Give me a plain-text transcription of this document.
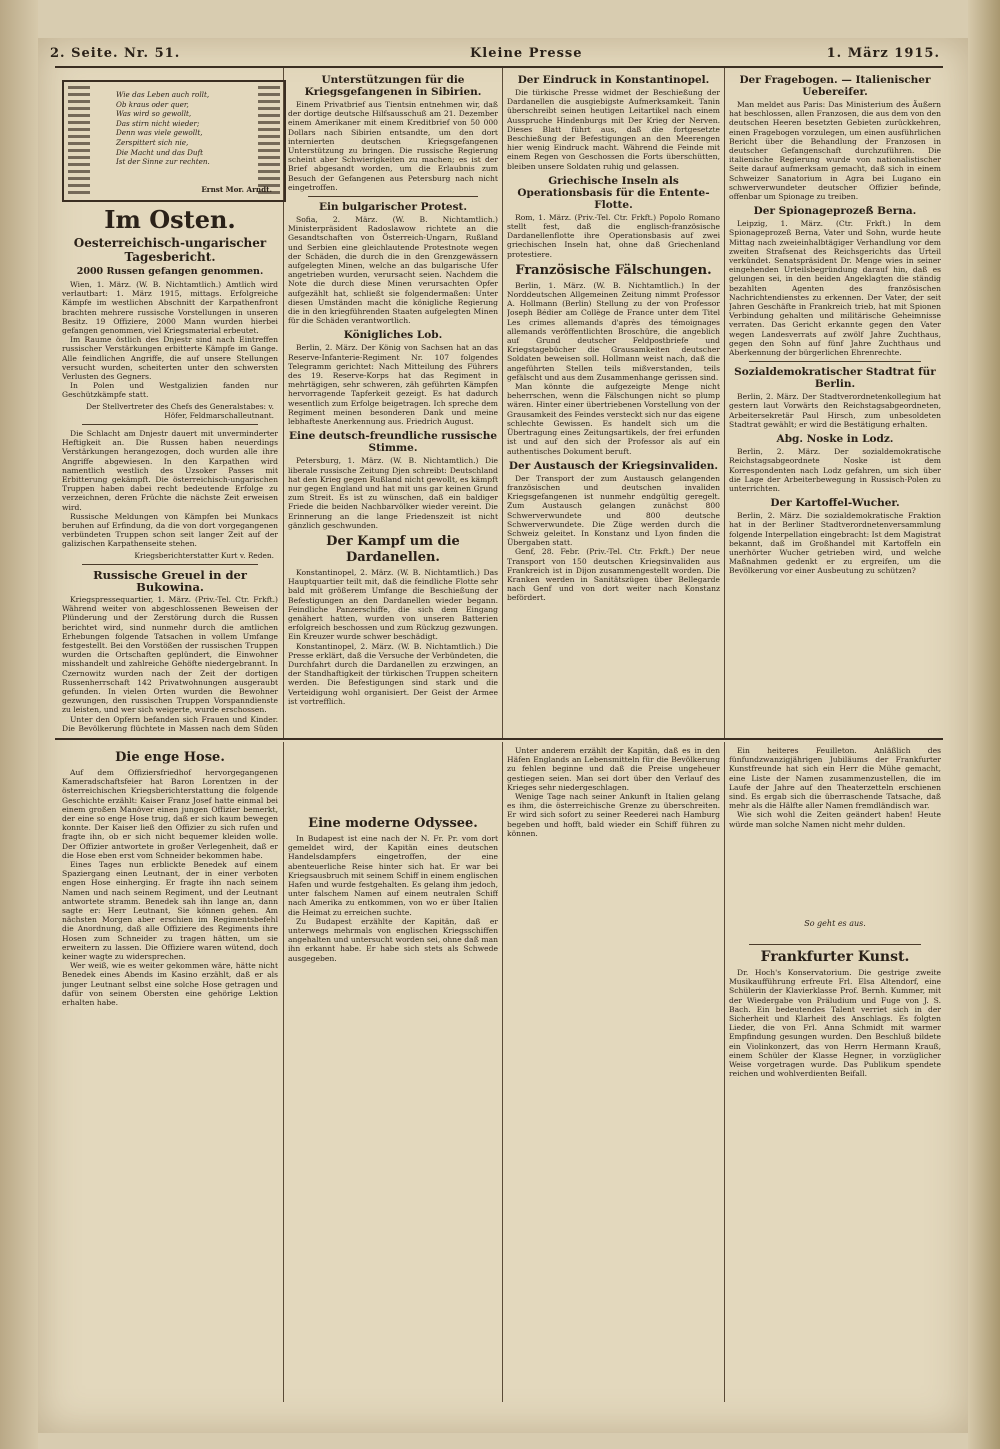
2. Seite. Nr. 51.	Kleine Presse	1. März 1915.
Wie das Leben auch rollt,
Ob kraus oder quer,
Was wird so gewollt,
Das stirn nicht wieder;
Denn was viele gewollt,
Zerspittert sich nie,
Die Macht und das Duft
Ist der Sinne zur rechten.
Ernst Mor. Arndt.
Im Osten.
Oesterreichisch-ungarischer Tagesbericht.
2000 Russen gefangen genommen.

Wien, 1. März. (W. B. Nichtamtlich.) Amtlich wird verlautbart: 1. März 1915, mittags. Erfolgreiche Kämpfe im westlichen Abschnitt der Karpathenfront brachten mehrere russische Vorstellungen in unseren Besitz. 19 Offiziere, 2000 Mann wurden hierbei gefangen genommen, viel Kriegsmaterial erbeutet.

Im Raume östlich des Dnjestr sind nach Eintreffen russischer Verstärkungen erbitterte Kämpfe im Gange. Alle feindlichen Angriffe, die auf unsere Stellungen versucht wurden, scheiterten unter den schwersten Verlusten des Gegners.

In Polen und Westgalizien fanden nur Geschützkämpfe statt.

Der Stellvertreter des Chefs des Generalstabes: v. Höfer, Feldmarschalleutnant.

Die Schlacht am Dnjestr dauert mit unverminderter Heftigkeit an. Die Russen haben neuerdings Verstärkungen herangezogen, doch wurden alle ihre Angriffe abgewiesen. In den Karpathen wird namentlich westlich des Uzsoker Passes mit Erbitterung gekämpft. Die österreichisch-ungarischen Truppen haben dabei recht bedeutende Erfolge zu verzeichnen, deren Früchte die nächste Zeit erweisen wird.

Russische Meldungen von Kämpfen bei Munkacs beruhen auf Erfindung, da die von dort vorgegangenen verbündeten Truppen schon seit langer Zeit auf der galizischen Karpathenseite stehen.

Kriegsberichterstatter Kurt v. Reden.
Russische Greuel in der Bukowina.

Kriegspressequartier, 1. März. (Priv.-Tel. Ctr. Frkft.) Während weiter von abgeschlossenen Beweisen der Plünderung und der Zerstörung durch die Russen berichtet wird, sind nunmehr durch die amtlichen Erhebungen folgende Tatsachen in vollem Umfange festgestellt. Bei den Vorstößen der russischen Truppen wurden die Ortschaften geplündert, die Einwohner misshandelt und zahlreiche Gehöfte niedergebrannt. In Czernowitz wurden nach der Zeit der dortigen Russenherrschaft 142 Privatwohnungen ausgeraubt gefunden. In vielen Orten wurden die Bewohner gezwungen, den russischen Truppen Vorspanndienste zu leisten, und wer sich weigerte, wurde erschossen.

Unter den Opfern befanden sich Frauen und Kinder. Die Bevölkerung flüchtete in Massen nach dem Süden

Unterstützungen für die Kriegsgefangenen in Sibirien.

Einem Privatbrief aus Tientsin entnehmen wir, daß der dortige deutsche Hilfsausschuß am 21. Dezember einem Amerikaner mit einem Kreditbrief von 50 000 Dollars nach Sibirien entsandte, um den dort internierten deutschen Kriegsgefangenen Unterstützung zu bringen. Die russische Regierung scheint aber Schwierigkeiten zu machen; es ist der Brief abgesandt worden, um die Erlaubnis zum Besuch der Gefangenen aus Petersburg nach nicht eingetroffen.

Ein bulgarischer Protest.

Sofia, 2. März. (W. B. Nichtamtlich.) Ministerpräsident Radoslawow richtete an die Gesandtschaften von Österreich-Ungarn, Rußland und Serbien eine gleichlautende Protestnote wegen der Schäden, die durch die in den Grenzgewässern aufgelegten Minen, welche an das bulgarische Ufer angetrieben wurden, verursacht seien. Nachdem die Note die durch diese Minen verursachten Opfer aufgezählt hat, schließt sie folgendermaßen: Unter diesen Umständen macht die königliche Regierung die in den kriegführenden Staaten aufgelegten Minen für die Schäden verantwortlich.

Königliches Lob.

Berlin, 2. März. Der König von Sachsen hat an das Reserve-Infanterie-Regiment Nr. 107 folgendes Telegramm gerichtet: Nach Mitteilung des Führers des 19. Reserve-Korps hat das Regiment in mehrtägigen, sehr schweren, zäh geführten Kämpfen hervorragende Tapferkeit gezeigt. Es hat dadurch wesentlich zum Erfolge beigetragen. Ich spreche dem Regiment meinen besonderen Dank und meine lebhafteste Anerkennung aus. Friedrich August.

Eine deutsch-freundliche russische Stimme.

Petersburg, 1. März. (W. B. Nichtamtlich.) Die liberale russische Zeitung Djen schreibt: Deutschland hat den Krieg gegen Rußland nicht gewollt, es kämpft nur gegen England und hat mit uns gar keinen Grund zum Streit. Es ist zu wünschen, daß ein baldiger Friede die beiden Nachbarvölker wieder vereint. Die Erinnerung an die lange Friedenszeit ist nicht gänzlich geschwunden.

Der Kampf um die Dardanellen.

Konstantinopel, 2. März. (W. B. Nichtamtlich.) Das Hauptquartier teilt mit, daß die feindliche Flotte sehr bald mit größerem Umfange die Beschießung der Befestigungen an den Dardanellen wieder begann. Feindliche Panzerschiffe, die sich dem Eingang genähert hatten, wurden von unseren Batterien erfolgreich beschossen und zum Rückzug gezwungen. Ein Kreuzer wurde schwer beschädigt.

Konstantinopel, 2. März. (W. B. Nichtamtlich.) Die Presse erklärt, daß die Versuche der Verbündeten, die Durchfahrt durch die Dardanellen zu erzwingen, an der Standhaftigkeit der türkischen Truppen scheitern werden. Die Befestigungen sind stark und die Verteidigung wohl organisiert. Der Geist der Armee ist vortrefflich.

Der Eindruck in Konstantinopel.

Die türkische Presse widmet der Beschießung der Dardanellen die ausgiebigste Aufmerksamkeit. Tanin überschreibt seinen heutigen Leitartikel nach einem Ausspruche Hindenburgs mit Der Krieg der Nerven. Dieses Blatt führt aus, daß die fortgesetzte Beschießung der Befestigungen an den Meerengen hier wenig Eindruck macht. Während die Feinde mit einem Regen von Geschossen die Forts überschütten, bleiben unsere Soldaten ruhig und gelassen.

Griechische Inseln als Operationsbasis für die Entente-Flotte.

Rom, 1. März. (Priv.-Tel. Ctr. Frkft.) Popolo Romano stellt fest, daß die englisch-französische Dardanellenflotte ihre Operationsbasis auf zwei griechischen Inseln hat, ohne daß Griechenland protestiere.

Französische Fälschungen.

Berlin, 1. März. (W. B. Nichtamtlich.) In der Norddeutschen Allgemeinen Zeitung nimmt Professor A. Hollmann (Berlin) Stellung zu der von Professor Joseph Bédier am Collège de France unter dem Titel Les crimes allemands d'après des témoignages allemands veröffentlichten Broschüre, die angeblich auf Grund deutscher Feldpostbriefe und Kriegstagebücher die Grausamkeiten deutscher Soldaten beweisen soll. Hollmann weist nach, daß die angeführten Stellen teils mißverstanden, teils gefälscht und aus dem Zusammenhange gerissen sind.

Man könnte die aufgezeigte Menge nicht beherrschen, wenn die Fälschungen nicht so plump wären. Hinter einer übertriebenen Vorstellung von der Grausamkeit des Feindes versteckt sich nur das eigene schlechte Gewissen. Es handelt sich um die Übertragung eines Zeitungsartikels, der frei erfunden ist und auf den sich der Professor als auf ein authentisches Dokument beruft.

Der Austausch der Kriegsinvaliden.

Der Transport der zum Austausch gelangenden französischen und deutschen invaliden Kriegsgefangenen ist nunmehr endgültig geregelt. Zum Austausch gelangen zunächst 800 Schwerverwundete und 800 deutsche Schwerverwundete. Die Züge werden durch die Schweiz geleitet. In Konstanz und Lyon finden die Übergaben statt.

Genf, 28. Febr. (Priv.-Tel. Ctr. Frkft.) Der neue Transport von 150 deutschen Kriegsinvaliden aus Frankreich ist in Dijon zusammengestellt worden. Die Kranken werden in Sanitätszügen über Bellegarde nach Genf und von dort weiter nach Konstanz befördert.

Der Fragebogen. — Italienischer Uebereifer.

Man meldet aus Paris: Das Ministerium des Äußern hat beschlossen, allen Franzosen, die aus dem von den deutschen Heeren besetzten Gebieten zurückkehren, einen Fragebogen vorzulegen, um einen ausführlichen Bericht über die Behandlung der Franzosen in deutscher Gefangenschaft durchzuführen. Die italienische Regierung wurde von nationalistischer Seite darauf aufmerksam gemacht, daß sich in einem Schweizer Sanatorium in Agra bei Lugano ein schwerverwundeter deutscher Offizier befinde, offenbar um Spionage zu treiben.

Der Spionageprozeß Berna.

Leipzig, 1. März. (Ctr. Frkft.) In dem Spionageprozeß Berna, Vater und Sohn, wurde heute Mittag nach zweieinhalbtägiger Verhandlung vor dem zweiten Strafsenat des Reichsgerichts das Urteil verkündet. Senatspräsident Dr. Menge wies in seiner eingehenden Urteilsbegründung darauf hin, daß es gelungen sei, in den beiden Angeklagten die ständig bezahlten Agenten des französischen Nachrichtendienstes zu erkennen. Der Vater, der seit Jahren Geschäfte in Frankreich trieb, hat mit Spionen Verbindung gehalten und militärische Geheimnisse verraten. Das Gericht erkannte gegen den Vater wegen Landesverrats auf zwölf Jahre Zuchthaus, gegen den Sohn auf fünf Jahre Zuchthaus und Aberkennung der bürgerlichen Ehrenrechte.

Sozialdemokratischer Stadtrat für Berlin.

Berlin, 2. März. Der Stadtverordnetenkollegium hat gestern laut Vorwärts den Reichstagsabgeordneten, Arbeitersekretär Paul Hirsch, zum unbesoldeten Stadtrat gewählt; er wird die Bestätigung erhalten.

Abg. Noske in Lodz.

Berlin, 2. März. Der sozialdemokratische Reichstagsabgeordnete Noske ist dem Korrespondenten nach Lodz gefahren, um sich über die Lage der Arbeiterbewegung in Russisch-Polen zu unterrichten.

Der Kartoffel-Wucher.

Berlin, 2. März. Die sozialdemokratische Fraktion hat in der Berliner Stadtverordnetenversammlung folgende Interpellation eingebracht: Ist dem Magistrat bekannt, daß im Großhandel mit Kartoffeln ein unerhörter Wucher getrieben wird, und welche Maßnahmen gedenkt er zu ergreifen, um die Bevölkerung vor einer Ausbeutung zu schützen?

Die enge Hose.

Auf dem Offiziersfriedhof hervorgegangenen Kameradschaftsfeier hat Baron Lorentzen in der österreichischen Kriegsberichterstattung die folgende Geschichte erzählt: Kaiser Franz Josef hatte einmal bei einem großen Manöver einen jungen Offizier bemerkt, der eine so enge Hose trug, daß er sich kaum bewegen konnte. Der Kaiser ließ den Offizier zu sich rufen und fragte ihn, ob er sich nicht bequemer kleiden wolle. Der Offizier antwortete in großer Verlegenheit, daß er die Hose eben erst vom Schneider bekommen habe.

Eines Tages nun erblickte Benedek auf einem Spaziergang einen Leutnant, der in einer verboten engen Hose einherging. Er fragte ihn nach seinem Namen und nach seinem Regiment, und der Leutnant antwortete stramm. Benedek sah ihn lange an, dann sagte er: Herr Leutnant, Sie können gehen. Am nächsten Morgen aber erschien im Regimentsbefehl die Anordnung, daß alle Offiziere des Regiments ihre Hosen zum Schneider zu tragen hätten, um sie erweitern zu lassen. Die Offiziere waren wütend, doch keiner wagte zu widersprechen.

Wer weiß, wie es weiter gekommen wäre, hätte nicht Benedek eines Abends im Kasino erzählt, daß er als junger Leutnant selbst eine solche Hose getragen und dafür von seinem Obersten eine gehörige Lektion erhalten habe.

Eine moderne Odyssee.

In Budapest ist eine nach der N. Fr. Pr. vom dort gemeldet wird, der Kapitän eines deutschen Handelsdampfers eingetroffen, der eine abenteuerliche Reise hinter sich hat. Er war bei Kriegsausbruch mit seinem Schiff in einem englischen Hafen und wurde festgehalten. Es gelang ihm jedoch, unter falschem Namen auf einem neutralen Schiff nach Amerika zu entkommen, von wo er über Italien die Heimat zu erreichen suchte.

Zu Budapest erzählte der Kapitän, daß er unterwegs mehrmals von englischen Kriegsschiffen angehalten und untersucht worden sei, ohne daß man ihn erkannt habe. Er habe sich stets als Schwede ausgegeben.

Unter anderem erzählt der Kapitän, daß es in den Häfen Englands an Lebensmitteln für die Bevölkerung zu fehlen beginne und daß die Preise ungeheuer gestiegen seien. Man sei dort über den Verlauf des Krieges sehr niedergeschlagen.

Wenige Tage nach seiner Ankunft in Italien gelang es ihm, die österreichische Grenze zu überschreiten. Er wird sich sofort zu seiner Reederei nach Hamburg begeben und hofft, bald wieder ein Schiff führen zu können.

Ein heiteres Feuilleton. Anläßlich des fünfundzwanzigjährigen Jubiläums der Frankfurter Kunstfreunde hat sich ein Herr die Mühe gemacht, eine Liste der Namen zusammenzustellen, die im Laufe der Jahre auf den Theaterzetteln erschienen sind. Es ergab sich die überraschende Tatsache, daß mehr als die Hälfte aller Namen fremdländisch war.

Wie sich wohl die Zeiten geändert haben! Heute würde man solche Namen nicht mehr dulden.

So geht es aus.
Frankfurter Kunst.

Dr. Hoch's Konservatorium. Die gestrige zweite Musikaufführung erfreute Frl. Elsa Altendorf, eine Schülerin der Klavierklasse Prof. Bernh. Kummer, mit der Wiedergabe von Präludium und Fuge von J. S. Bach. Ein bedeutendes Talent verriet sich in der Sicherheit und Klarheit des Anschlags. Es folgten Lieder, die von Frl. Anna Schmidt mit warmer Empfindung gesungen wurden. Den Beschluß bildete ein Violinkonzert, das von Herrn Hermann Krauß, einem Schüler der Klasse Hegner, in vorzüglicher Weise vorgetragen wurde. Das Publikum spendete reichen und wohlverdienten Beifall.
